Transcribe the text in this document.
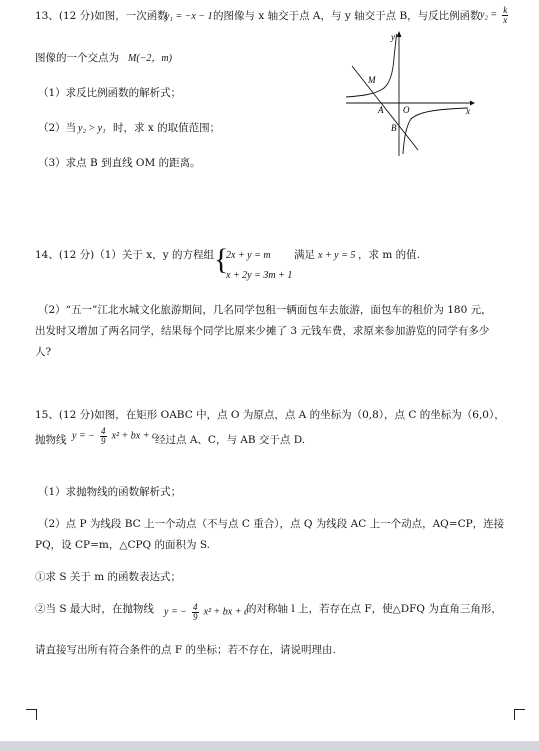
13、(12 分)如图，一次函数
y₁ = −x − 1 的图像与 x 轴交于点 A，与 y 轴交于点 B，与反比例函数 $y_2 = \frac{k}{x}$
图像的一个交点为 M(−2，m)
（1）求反比例函数的解析式；
（2）当 y₂ > y₁ 时，求 x 的取值范围；
（3）求点 B 到直线 OM 的距离。
y
x
M
A O
B
14、(12 分)（1）关于 x，y 的方程组 {
2x + y = m
x + 2y = 3m + 1
满足 x + y = 5 ，求 m 的值.
（2）“五一”江北水城文化旅游期间，几名同学包租一辆面包车去旅游，面包车的租价为 180 元，
出发时又增加了两名同学，结果每个同学比原来少摊了 3 元钱车费，求原来参加游览的同学有多少
人?
15、(12 分)如图，在矩形 OABC 中，点 O 为原点，点 A 的坐标为（0,8），点 C 的坐标为（6,0），
抛物线 y = − $\frac{4}{9} x^2$ + bx + c
经过点 A、C，与 AB 交于点 D.
（1）求抛物线的函数解析式；
（2）点 P 为线段 BC 上一个动点（不与点 C 重合），点 Q 为线段 AC 上一个动点，AQ=CP，连接
PQ，设 CP=m，△CPQ 的面积为 S.
①求 S 关于 m 的函数表达式；
②当 S 最大时，在抛物线 y = − $\frac{4}{9} x^2$ + bx + c
的对称轴 l 上，若存在点 F，使△DFQ 为直角三角形，
请直接写出所有符合条件的点 F 的坐标；若不存在，请说明理由.
